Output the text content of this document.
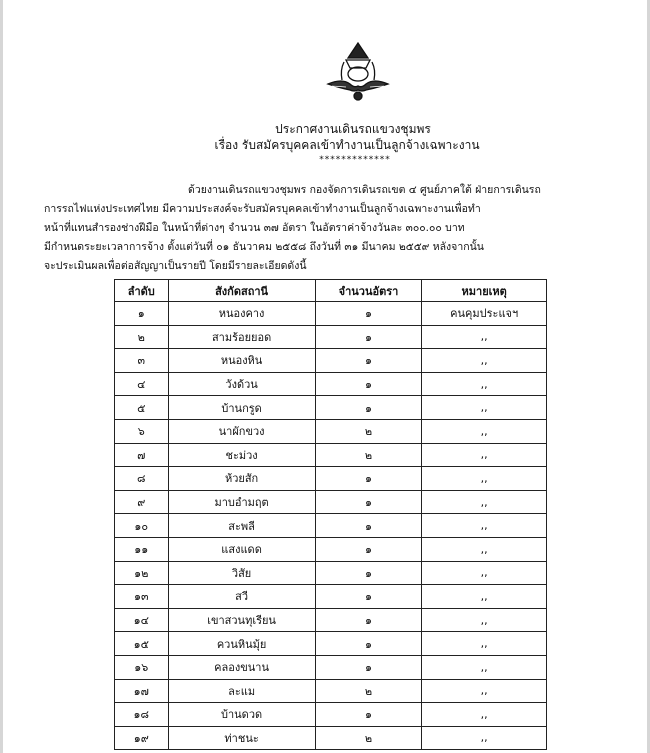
ประกาศงานเดินรถแขวงชุมพร
เรื่อง รับสมัครบุคคลเข้าทำงานเป็นลูกจ้างเฉพาะงาน
*************
ด้วยงานเดินรถแขวงชุมพร กองจัดการเดินรถเขต ๔ ศูนย์ภาคใต้ ฝ่ายการเดินรถ
การรถไฟแห่งประเทศไทย มีความประสงค์จะรับสมัครบุคคลเข้าทำงานเป็นลูกจ้างเฉพาะงานเพื่อทำ
หน้าที่แทนสำรองช่างฝีมือ ในหน้าที่ต่างๆ จำนวน ๓๗ อัตรา ในอัตราค่าจ้างวันละ ๓๐๐.๐๐ บาท
มีกำหนดระยะเวลาการจ้าง ตั้งแต่วันที่ ๐๑ ธันวาคม ๒๕๕๘ ถึงวันที่ ๓๑ มีนาคม ๒๕๕๙ หลังจากนั้น
จะประเมินผลเพื่อต่อสัญญาเป็นรายปี โดยมีรายละเอียดดังนี้
ลำดับ	สังกัดสถานี	จำนวนอัตรา	หมายเหตุ
๑	หนองคาง	๑	คนคุมประแจฯ
๒	สามร้อยยอด	๑	,,
๓	หนองหิน	๑	,,
๔	วังด้วน	๑	,,
๕	บ้านกรูด	๑	,,
๖	นาผักขวง	๒	,,
๗	ชะม่วง	๒	,,
๘	ห้วยสัก	๑	,,
๙	มาบอำมฤต	๑	,,
๑๐	สะพลี	๑	,,
๑๑	แสงแดด	๑	,,
๑๒	วิสัย	๑	,,
๑๓	สวี	๑	,,
๑๔	เขาสวนทุเรียน	๑	,,
๑๕	ควนหินมุ้ย	๑	,,
๑๖	คลองขนาน	๑	,,
๑๗	ละแม	๒	,,
๑๘	บ้านดวด	๑	,,
๑๙	ท่าชนะ	๒	,,
